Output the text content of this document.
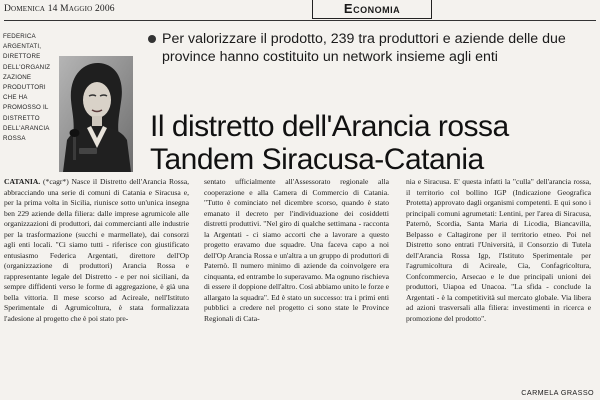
Domenica 14 Maggio 2006	Economia
FEDERICA
ARGENTATI,
DIRETTORE
DELL'ORGANIZ
ZAZIONE
PRODUTTORI
CHE HA
PROMOSSO IL
DISTRETTO
DELL'ARANCIA
ROSSA
Per valorizzare il prodotto, 239 tra produttori e aziende delle due province hanno costituito un network insieme agli enti
Il distretto dell'Arancia rossa
Tandem Siracusa-Catania
CATANIA. (*cagr*) Nasce il Distretto dell'Arancia Rossa, abbracciando una serie di comuni di Catania e Siracusa e, per la prima volta in Sicilia, riunisce sotto un'unica insegna ben 229 aziende della filiera: dalle imprese agrumicole alle organizzazioni di produttori, dai commercianti alle industrie per la trasformazione (succhi e marmellate), dai consorzi agli enti locali. "Ci siamo tutti - riferisce con giustificato entusiasmo Federica Argentati, direttore dell'Op (organizzazione di produttori) Arancia Rossa e rappresentante legale del Distretto - e per noi siciliani, da sempre diffidenti verso le forme di aggregazione, è già una bella vittoria. Il mese scorso ad Acireale, nell'Istituto Sperimentale di Agrumicoltura, è stata formalizzata l'adesione al progetto che è poi stato pre-
sentato ufficialmente all'Assessorato regionale alla cooperazione e alla Camera di Commercio di Catania. "Tutto è cominciato nel dicembre scorso, quando è stato emanato il decreto per l'individuazione dei cosiddetti distretti produttivi. "Nel giro di qualche settimana - racconta la Argentati - ci siamo accorti che a lavorare a questo progetto eravamo due squadre. Una faceva capo a noi dell'Op Arancia Rossa e un'altra a un gruppo di produttori di Paternò. Il numero minimo di aziende da coinvolgere era cinquanta, ed entrambe lo superavamo. Ma ognuno rischieva di essere il doppione dell'altro. Così abbiamo unito le forze e allargato la squadra". Ed è stato un successo: tra i primi enti pubblici a credere nel progetto ci sono state le Province Regionali di Cata-
nia e Siracusa. E' questa infatti la "culla" dell'arancia rossa, il territorio col bollino IGP (Indicazione Geografica Protetta) approvato dagli organismi competenti. E qui sono i principali comuni agrumetati: Lentini, per l'area di Siracusa, Paternò, Scordia, Santa Maria di Licodia, Biancavilla, Belpasso e Caltagirone per il territorio etneo. Poi nel Distretto sono entrati l'Università, il Consorzio di Tutela dell'Arancia Rossa Igp, l'Istituto Sperimentale per l'agrumicoltura di Acireale, Cia, Confagricoltura, Confcommercio, Arsecao e le due principali unioni dei produttori, Uiapoa ed Unacoa. "La sfida - conclude la Argentati - è la competitività sul mercato globale. Via libera ad azioni trasversali alla filiera: investimenti in ricerca e promozione del prodotto".
CARMELA GRASSO
